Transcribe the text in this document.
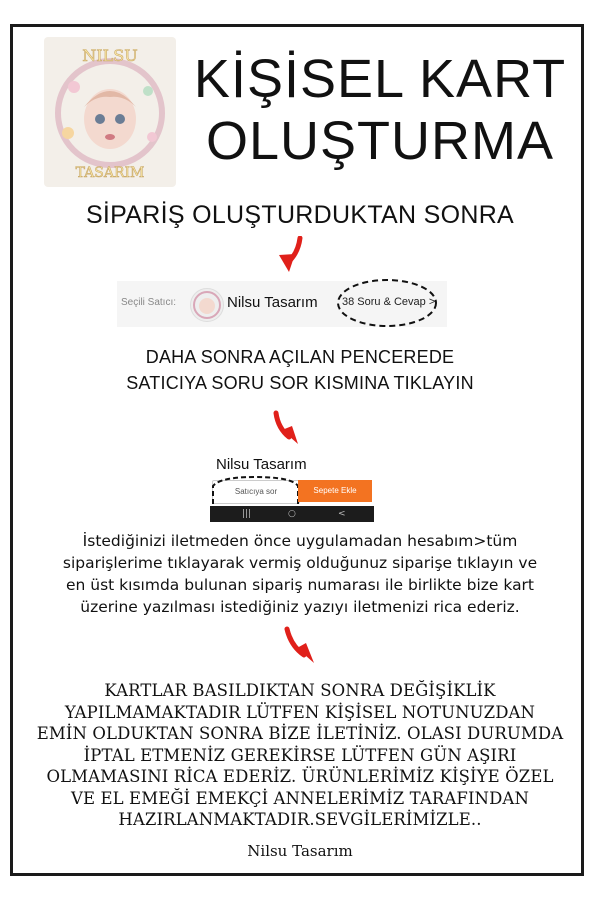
NILSU
TASARIM
KİŞİSEL KART
OLUŞTURMA
SİPARİŞ OLUŞTURDUKTAN SONRA
Seçili Satıcı:	Nilsu Tasarım 38 Soru & Cevap >
DAHA SONRA AÇILAN PENCEREDE
SATICIYA SORU SOR KISMINA TIKLAYIN
Nilsu Tasarım
Satıcıya sor	Sepete Ekle
|||	○	<
İstediğinizi iletmeden önce uygulamadan hesabım>tüm
siparişlerime tıklayarak vermiş olduğunuz siparişe tıklayın ve
en üst kısımda bulunan sipariş numarası ile birlikte bize kart
üzerine yazılması istediğiniz yazıyı iletmenizi rica ederiz.
KARTLAR BASILDIKTAN SONRA DEĞİŞİKLİK
YAPILMAMAKTADIR LÜTFEN KİŞİSEL NOTUNUZDAN
EMİN OLDUKTAN SONRA BİZE İLETİNİZ. OLASI DURUMDA
İPTAL ETMENİZ GEREKİRSE LÜTFEN GÜN AŞIRI
OLMAMASINI RİCA EDERİZ. ÜRÜNLERİMİZ KİŞİYE ÖZEL
VE EL EMEĞİ EMEKÇİ ANNELERİMİZ TARAFINDAN
HAZIRLANMAKTADIR.SEVGİLERİMİZLE..
Nilsu Tasarım
